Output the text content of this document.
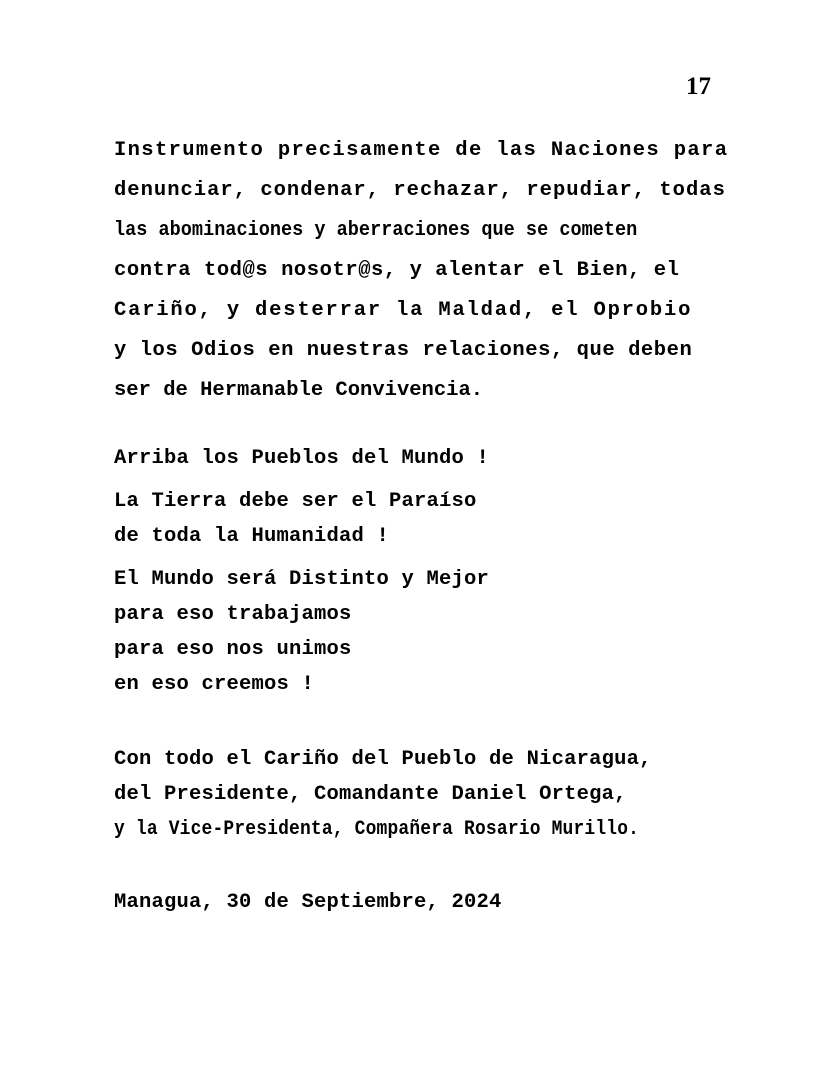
17
Instrumento precisamente de las Naciones para
denunciar, condenar, rechazar, repudiar, todas
las abominaciones y aberraciones que se cometen
contra tod@s nosotr@s, y alentar el Bien, el
Cariño, y desterrar la Maldad, el Oprobio
y los Odios en nuestras relaciones, que deben
ser de Hermanable Convivencia.
Arriba los Pueblos del Mundo !
La Tierra debe ser el Paraíso
de toda la Humanidad !
El Mundo será Distinto y Mejor
para eso trabajamos
para eso nos unimos
en eso creemos !
Con todo el Cariño del Pueblo de Nicaragua,
del Presidente, Comandante Daniel Ortega,
y la Vice-Presidenta, Compañera Rosario Murillo.
Managua, 30 de Septiembre, 2024
